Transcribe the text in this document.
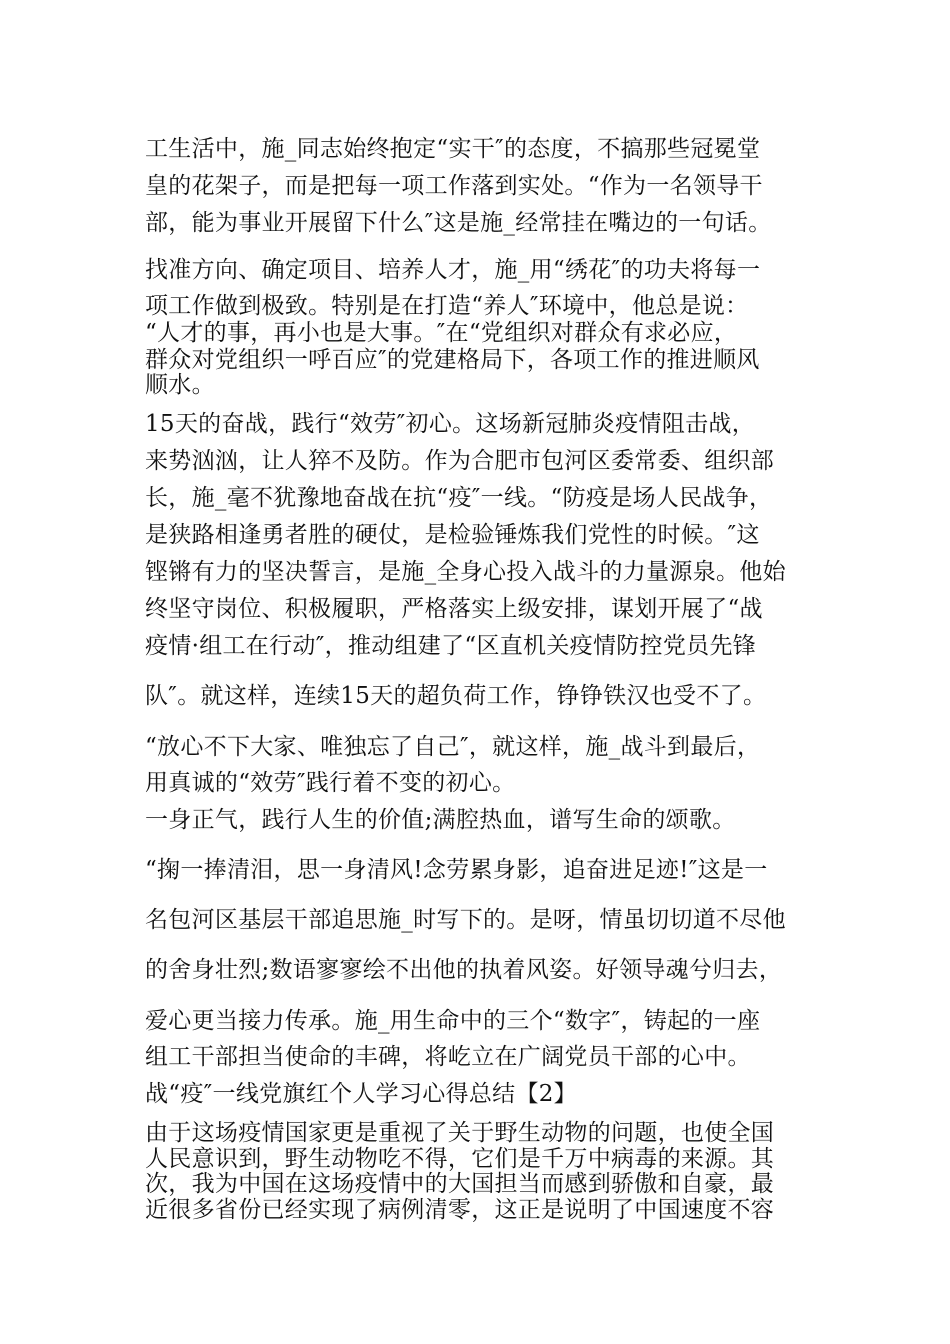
工生活中，施_同志始终抱定“实干″的态度，不搞那些冠冕堂
皇的花架子，而是把每一项工作落到实处。“作为一名领导干
部，能为事业开展留下什么″这是施_经常挂在嘴边的一句话。
找准方向、确定项目、培养人才，施_用“绣花″的功夫将每一
项工作做到极致。特别是在打造“养人″环境中，他总是说：
“人才的事，再小也是大事。″在“党组织对群众有求必应，
群众对党组织一呼百应″的党建格局下，各项工作的推进顺风
顺水。
15天的奋战，践行“效劳″初心。这场新冠肺炎疫情阻击战，
来势汹汹，让人猝不及防。作为合肥市包河区委常委、组织部
长，施_毫不犹豫地奋战在抗“疫″一线。“防疫是场人民战争，
是狭路相逢勇者胜的硬仗，是检验锤炼我们党性的时候。″这
铿锵有力的坚决誓言，是施_全身心投入战斗的力量源泉。他始
终坚守岗位、积极履职，严格落实上级安排，谋划开展了“战
疫情·组工在行动″，推动组建了“区直机关疫情防控党员先锋
队″。就这样，连续15天的超负荷工作，铮铮铁汉也受不了。
“放心不下大家、唯独忘了自己″，就这样，施_战斗到最后，
用真诚的“效劳″践行着不变的初心。
一身正气，践行人生的价值;满腔热血，谱写生命的颂歌。
“掬一捧清泪，思一身清风!念劳累身影，追奋进足迹!″这是一
名包河区基层干部追思施_时写下的。是呀，情虽切切道不尽他
的舍身壮烈;数语寥寥绘不出他的执着风姿。好领导魂兮归去，
爱心更当接力传承。施_用生命中的三个“数字″，铸起的一座
组工干部担当使命的丰碑，将屹立在广阔党员干部的心中。
战“疫″一线党旗红个人学习心得总结【2】
由于这场疫情国家更是重视了关于野生动物的问题，也使全国
人民意识到，野生动物吃不得，它们是千万中病毒的来源。其
次，我为中国在这场疫情中的大国担当而感到骄傲和自豪，最
近很多省份已经实现了病例清零，这正是说明了中国速度不容
